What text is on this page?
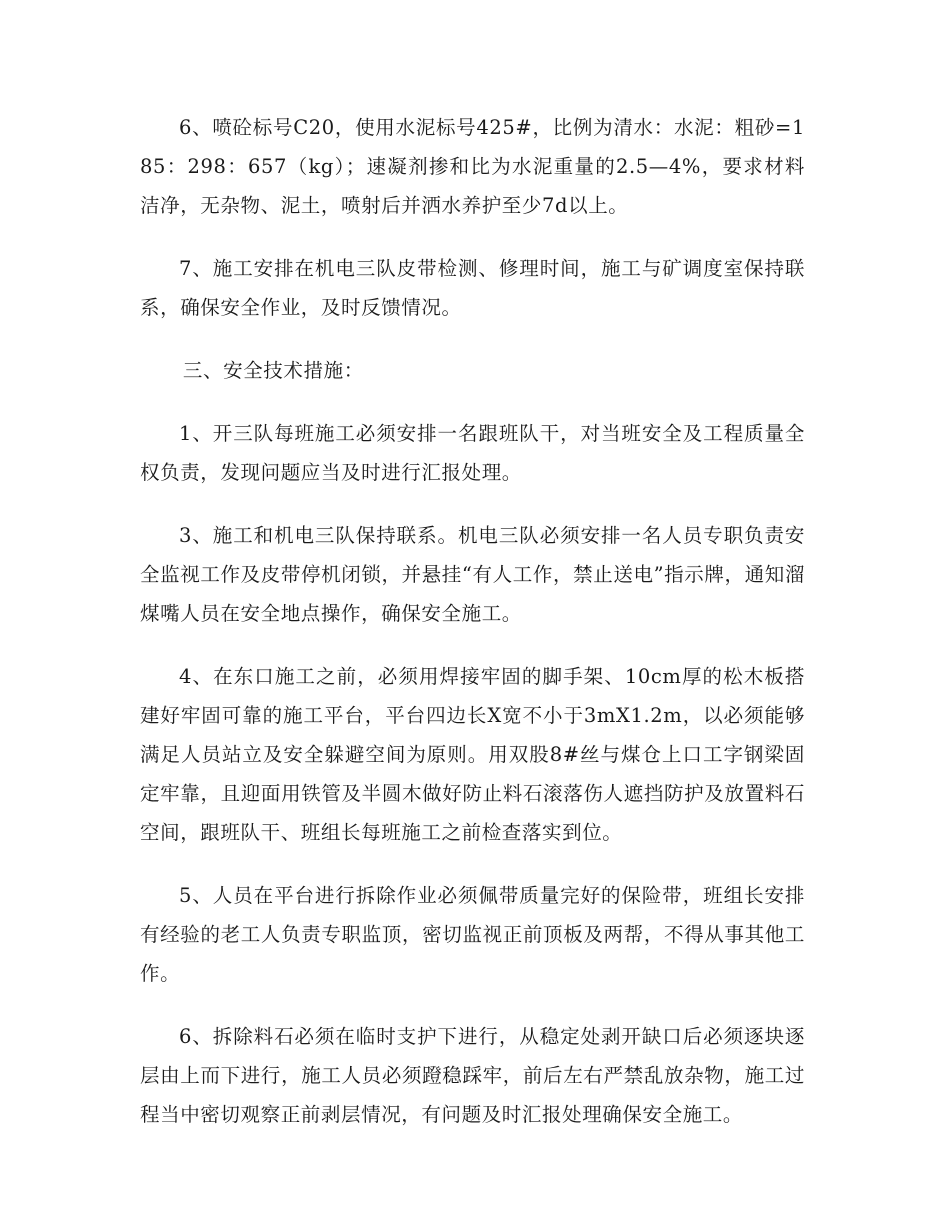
6、喷砼标号C20，使用水泥标号425#，比例为清水：水泥：粗砂=185：298：657（kg）；速凝剂掺和比为水泥重量的2.5—4%，要求材料洁净，无杂物、泥土，喷射后并洒水养护至少7d以上。

7、施工安排在机电三队皮带检测、修理时间，施工与矿调度室保持联系，确保安全作业，及时反馈情况。

三、安全技术措施：

1、开三队每班施工必须安排一名跟班队干，对当班安全及工程质量全权负责，发现问题应当及时进行汇报处理。

3、施工和机电三队保持联系。机电三队必须安排一名人员专职负责安全监视工作及皮带停机闭锁，并悬挂“有人工作，禁止送电”指示牌，通知溜煤嘴人员在安全地点操作，确保安全施工。

4、在东口施工之前，必须用焊接牢固的脚手架、10cm厚的松木板搭建好牢固可靠的施工平台，平台四边长X宽不小于3mX1.2m，以必须能够满足人员站立及安全躲避空间为原则。用双股8#丝与煤仓上口工字钢梁固定牢靠，且迎面用铁管及半圆木做好防止料石滚落伤人遮挡防护及放置料石空间，跟班队干、班组长每班施工之前检查落实到位。

5、人员在平台进行拆除作业必须佩带质量完好的保险带，班组长安排有经验的老工人负责专职监顶，密切监视正前顶板及两帮，不得从事其他工作。

6、拆除料石必须在临时支护下进行，从稳定处剥开缺口后必须逐块逐层由上而下进行，施工人员必须蹬稳踩牢，前后左右严禁乱放杂物，施工过程当中密切观察正前剥层情况，有问题及时汇报处理确保安全施工。
